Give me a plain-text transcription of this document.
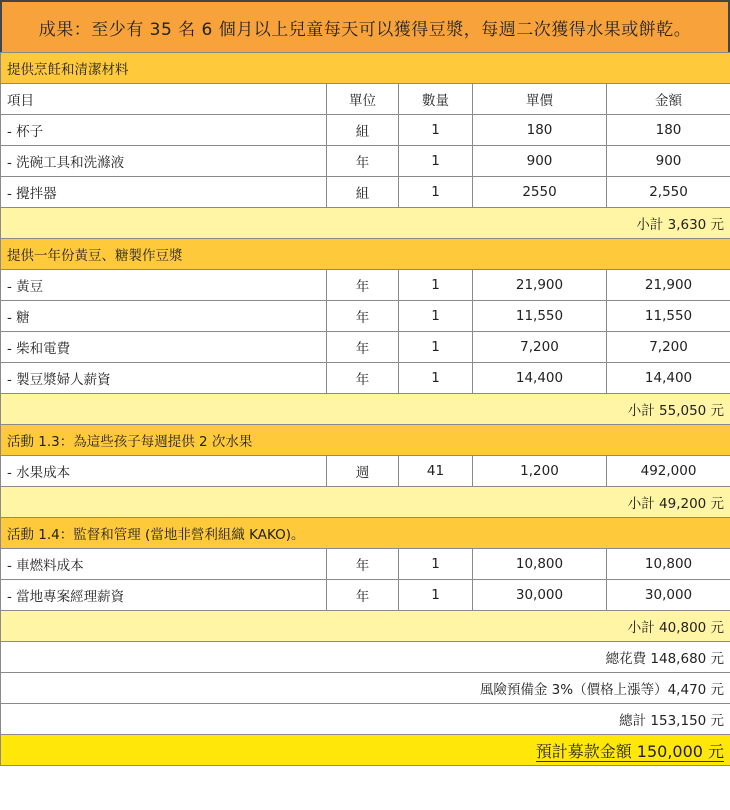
成果：至少有 35 名 6 個月以上兒童每天可以獲得豆漿，每週二次獲得水果或餅乾。
提供烹飪和清潔材料				
項目	單位	數量	單價	金額
- 杯子	組	1	180	180
- 洗碗工具和洗滌液	年	1	900	900
- 攪拌器	組	1	2550	2,550
小計 3,630 元				
提供一年份黃豆、糖製作豆漿				
- 黃豆	年	1	21,900	21,900
- 糖	年	1	11,550	11,550
- 柴和電費	年	1	7,200	7,200
- 製豆漿婦人薪資	年	1	14,400	14,400
小計 55,050 元				
活動 1.3：為這些孩子每週提供 2 次水果				
- 水果成本	週	41	1,200	492,000
小計 49,200 元				
活動 1.4：監督和管理 (當地非營利組織 KAKO)。				
- 車燃料成本	年	1	10,800	10,800
- 當地專案經理薪資	年	1	30,000	30,000
小計 40,800 元				
總花費 148,680 元				
風險預備金 3%（價格上漲等）4,470 元				
總計 153,150 元				
預計募款金額 150,000 元				
